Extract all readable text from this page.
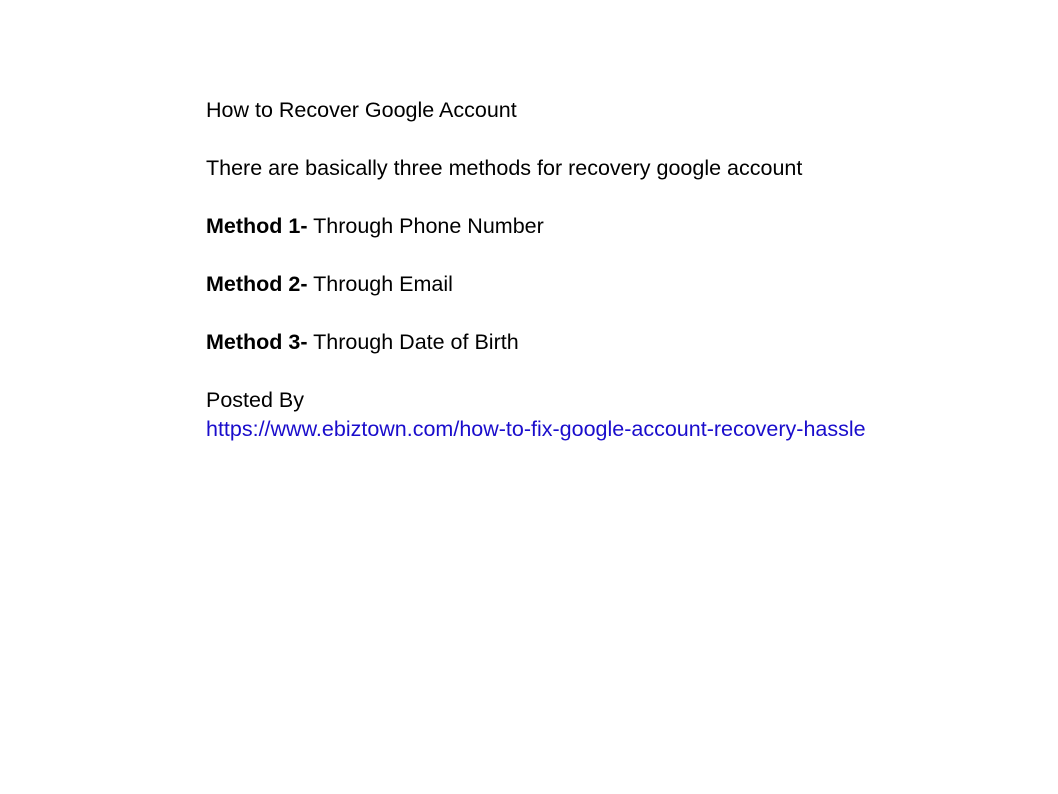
How to Recover Google Account

There are basically three methods for recovery google account

Method 1- Through Phone Number

Method 2- Through Email

Method 3- Through Date of Birth

Posted By

https://www.ebiztown.com/how-to-fix-google-account-recovery-hassle
